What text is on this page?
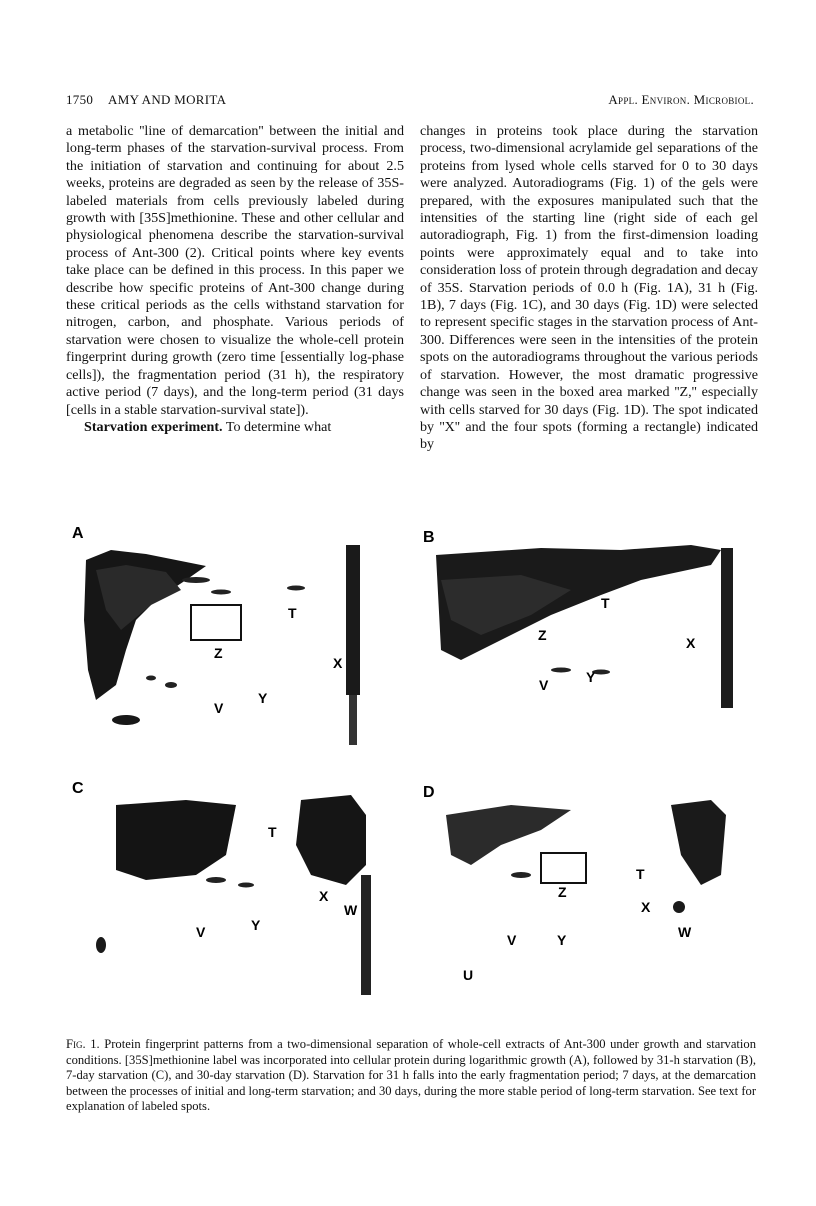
1750 AMY AND MORITA	Appl. Environ. Microbiol.

a metabolic ''line of demarcation'' between the initial and long-term phases of the starvation-survival process. From the initiation of starvation and continuing for about 2.5 weeks, proteins are degraded as seen by the release of 35S-labeled materials from cells previously labeled during growth with [35S]methionine. These and other cellular and physiological phenomena describe the starvation-survival process of Ant-300 (2). Critical points where key events take place can be defined in this process. In this paper we describe how specific proteins of Ant-300 change during these critical periods as the cells withstand starvation for nitrogen, carbon, and phosphate. Various periods of starvation were chosen to visualize the whole-cell protein fingerprint during growth (zero time [essentially log-phase cells]), the fragmentation period (31 h), the respiratory active period (7 days), and the long-term period (31 days [cells in a stable starvation-survival state]).

Starvation experiment. To determine what

changes in proteins took place during the starvation process, two-dimensional acrylamide gel separations of the proteins from lysed whole cells starved for 0 to 30 days were analyzed. Autoradiograms (Fig. 1) of the gels were prepared, with the exposures manipulated such that the intensities of the starting line (right side of each gel autoradiograph, Fig. 1) from the first-dimension loading points were approximately equal and to take into consideration loss of protein through degradation and decay of 35S. Starvation periods of 0.0 h (Fig. 1A), 31 h (Fig. 1B), 7 days (Fig. 1C), and 30 days (Fig. 1D) were selected to represent specific stages in the starvation process of Ant-300. Differences were seen in the intensities of the protein spots on the autoradiograms throughout the various periods of starvation. However, the most dramatic progressive change was seen in the boxed area marked ''Z,'' especially with cells starved for 30 days (Fig. 1D). The spot indicated by ''X'' and the four spots (forming a rectangle) indicated by

A
Z
T
X
V
Y
B
T
Z	X
V	Y
C
T
X
W
V	Y
D
T
Z
X
W
V	Y
U
Fig. 1. Protein fingerprint patterns from a two-dimensional separation of whole-cell extracts of Ant-300 under growth and starvation conditions. [35S]methionine label was incorporated into cellular protein during logarithmic growth (A), followed by 31-h starvation (B), 7-day starvation (C), and 30-day starvation (D). Starvation for 31 h falls into the early fragmentation period; 7 days, at the demarcation between the processes of initial and long-term starvation; and 30 days, during the more stable period of long-term starvation. See text for explanation of labeled spots.
